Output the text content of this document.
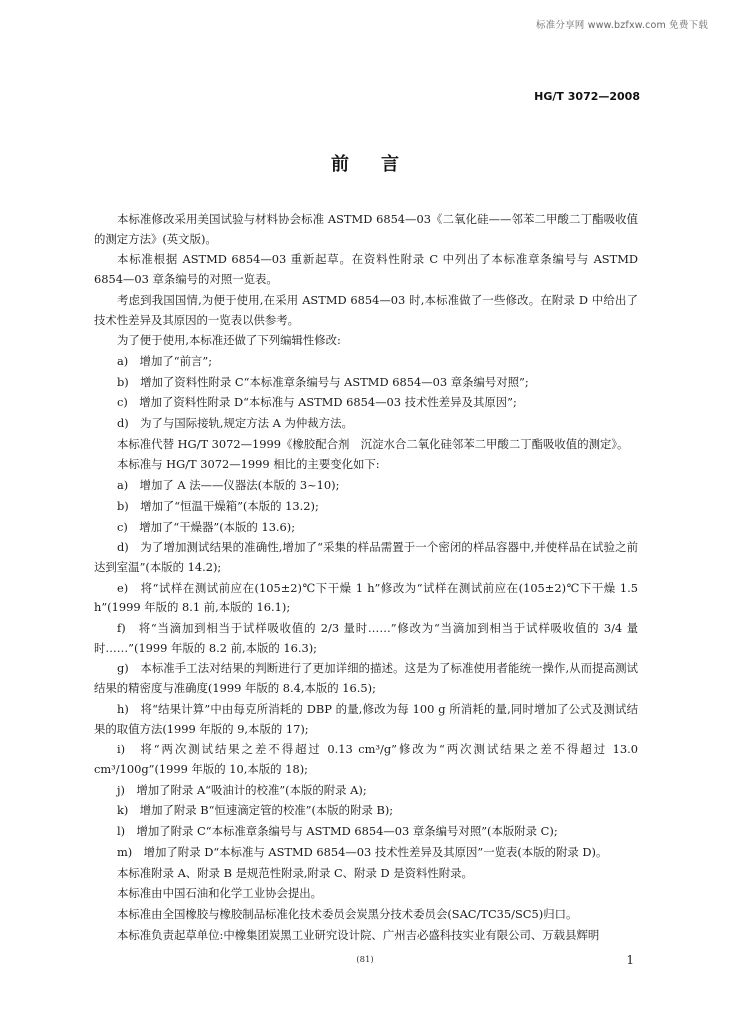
标准分享网 www.bzfxw.com 免费下载
HG/T 3072—2008
前言

本标准修改采用美国试验与材料协会标准 ASTMD 6854—03《二氧化硅——邻苯二甲酸二丁酯吸收值的测定方法》(英文版)。

本标准根据 ASTMD 6854—03 重新起草。在资料性附录 C 中列出了本标准章条编号与 ASTMD 6854—03 章条编号的对照一览表。

考虑到我国国情,为便于使用,在采用 ASTMD 6854—03 时,本标准做了一些修改。在附录 D 中给出了技术性差异及其原因的一览表以供参考。

为了便于使用,本标准还做了下列编辑性修改:

a)　增加了“前言”;

b)　增加了资料性附录 C“本标准章条编号与 ASTMD 6854—03 章条编号对照”;

c)　增加了资料性附录 D“本标准与 ASTMD 6854—03 技术性差异及其原因”;

d)　为了与国际接轨,规定方法 A 为仲裁方法。

本标准代替 HG/T 3072—1999《橡胶配合剂　沉淀水合二氧化硅邻苯二甲酸二丁酯吸收值的测定》。

本标准与 HG/T 3072—1999 相比的主要变化如下:

a)　增加了 A 法——仪器法(本版的 3~10);

b)　增加了“恒温干燥箱”(本版的 13.2);

c)　增加了“干燥器”(本版的 13.6);

d)　为了增加测试结果的准确性,增加了“采集的样品需置于一个密闭的样品容器中,并使样品在试验之前达到室温”(本版的 14.2);

e)　将“试样在测试前应在(105±2)℃下干燥 1 h”修改为“试样在测试前应在(105±2)℃下干燥 1.5 h”(1999 年版的 8.1 前,本版的 16.1);

f)　将“当滴加到相当于试样吸收值的 2/3 量时……”修改为“当滴加到相当于试样吸收值的 3/4 量时……”(1999 年版的 8.2 前,本版的 16.3);

g)　本标准手工法对结果的判断进行了更加详细的描述。这是为了标准使用者能统一操作,从而提高测试结果的精密度与准确度(1999 年版的 8.4,本版的 16.5);

h)　将“结果计算”中由每克所消耗的 DBP 的量,修改为每 100 g 所消耗的量,同时增加了公式及测试结果的取值方法(1999 年版的 9,本版的 17);

i)　将“两次测试结果之差不得超过 0.13 cm³/g”修改为“两次测试结果之差不得超过 13.0 cm³/100g”(1999 年版的 10,本版的 18);

j)　增加了附录 A“吸油计的校准”(本版的附录 A);

k)　增加了附录 B“恒速滴定管的校准”(本版的附录 B);

l)　增加了附录 C“本标准章条编号与 ASTMD 6854—03 章条编号对照”(本版附录 C);

m)　增加了附录 D“本标准与 ASTMD 6854—03 技术性差异及其原因”一览表(本版的附录 D)。

本标准附录 A、附录 B 是规范性附录,附录 C、附录 D 是资料性附录。

本标准由中国石油和化学工业协会提出。

本标准由全国橡胶与橡胶制品标准化技术委员会炭黑分技术委员会(SAC/TC35/SC5)归口。

本标准负责起草单位:中橡集团炭黑工业研究设计院、广州吉必盛科技实业有限公司、万载县辉明

(81)	1
